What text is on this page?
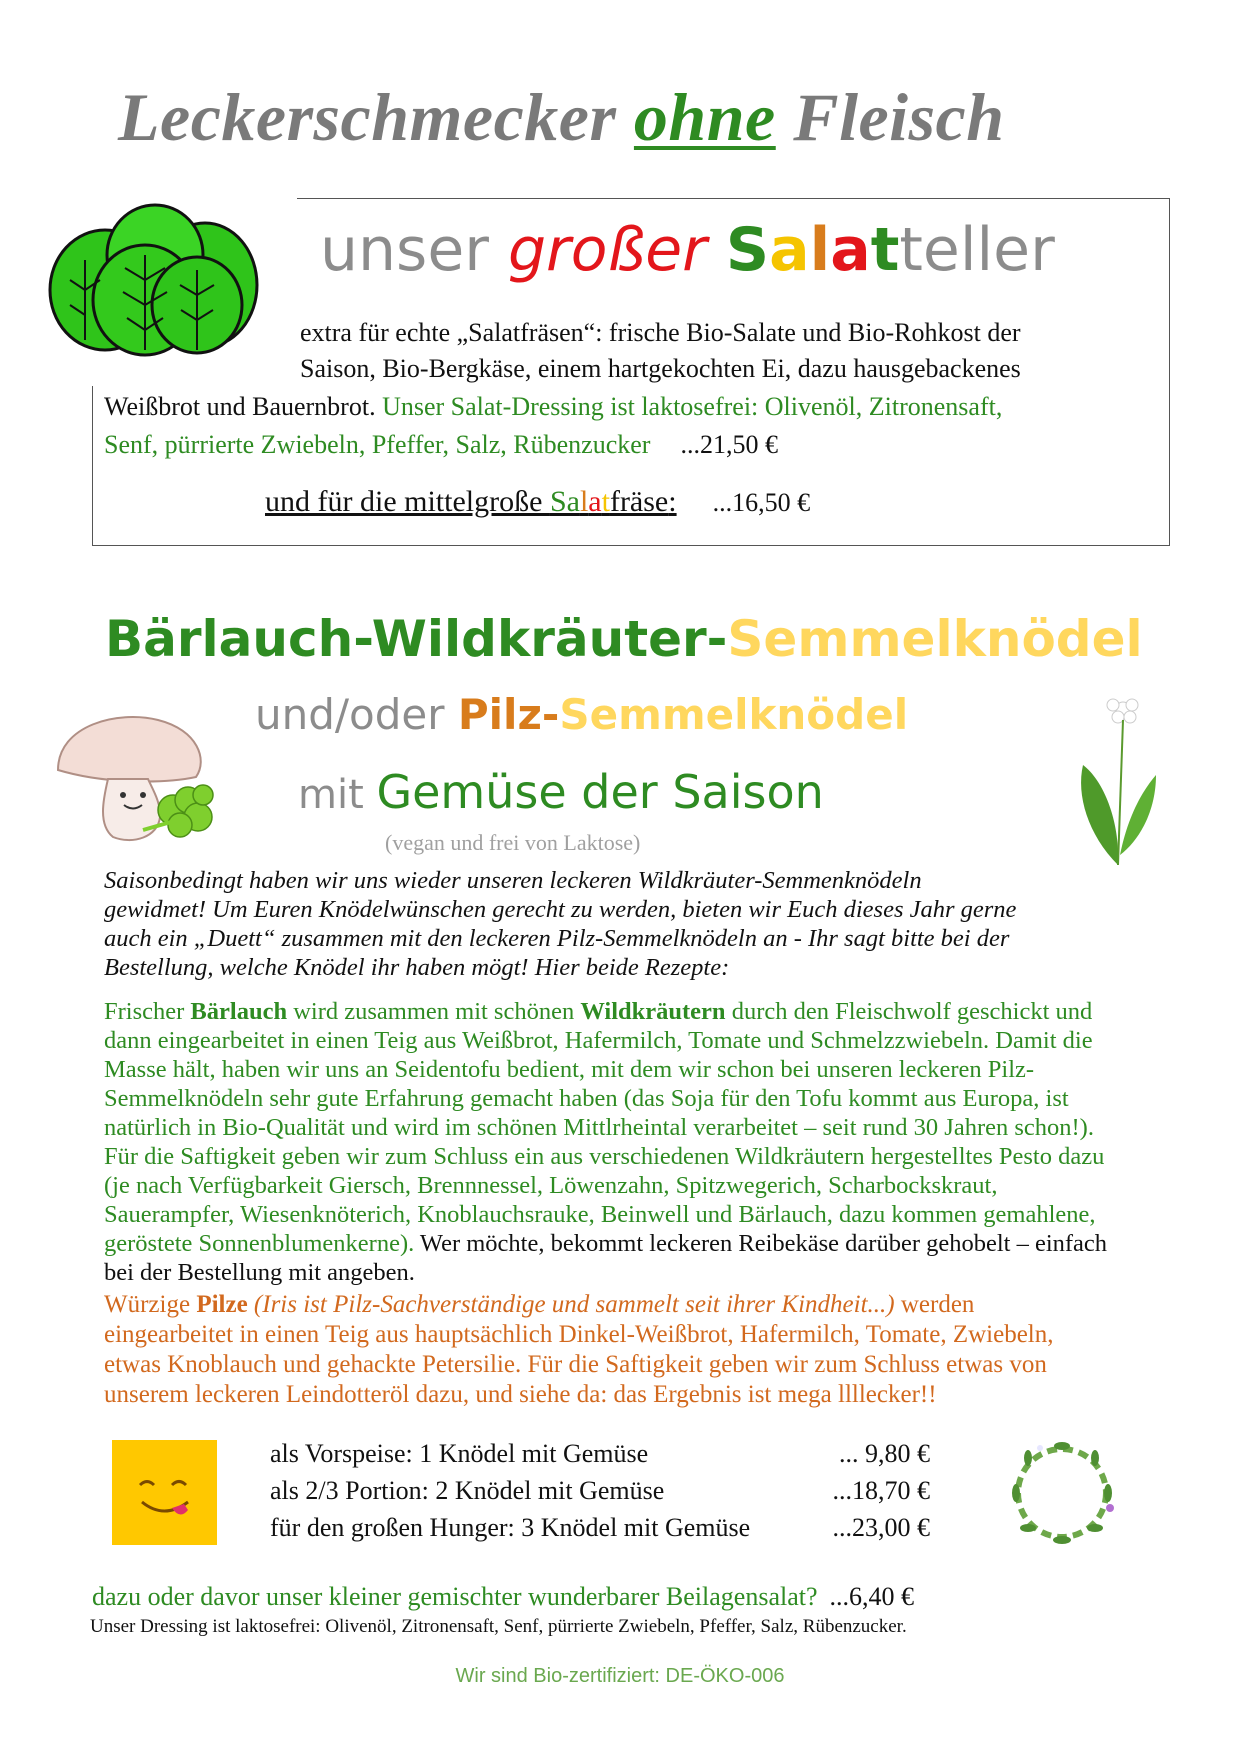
Leckerschmecker ohne Fleisch
unser großer Salatteller
extra für echte „Salatfräsen“: frische Bio-Salate und Bio-Rohkost der
Saison, Bio-Bergkäse, einem hartgekochten Ei, dazu hausgebackenes
Weißbrot und Bauernbrot. Unser Salat-Dressing ist laktosefrei: Olivenöl, Zitronensaft,
Senf, pürrierte Zwiebeln, Pfeffer, Salz, Rübenzucker ...21,50 €
und für die mittelgroße Salatfräse: ...16,50 €
Bärlauch-Wildkräuter-Semmelknödel
und/oder Pilz-Semmelknödel
mit Gemüse der Saison
(vegan und frei von Laktose)
Saisonbedingt haben wir uns wieder unseren leckeren Wildkräuter-Semmenknödeln
gewidmet! Um Euren Knödelwünschen gerecht zu werden, bieten wir Euch dieses Jahr gerne
auch ein „Duett“ zusammen mit den leckeren Pilz-Semmelknödeln an - Ihr sagt bitte bei der
Bestellung, welche Knödel ihr haben mögt! Hier beide Rezepte:
Frischer Bärlauch wird zusammen mit schönen Wildkräutern durch den Fleischwolf geschickt und
dann eingearbeitet in einen Teig aus Weißbrot, Hafermilch, Tomate und Schmelzzwiebeln. Damit die
Masse hält, haben wir uns an Seidentofu bedient, mit dem wir schon bei unseren leckeren Pilz-
Semmelknödeln sehr gute Erfahrung gemacht haben (das Soja für den Tofu kommt aus Europa, ist
natürlich in Bio-Qualität und wird im schönen Mittlrheintal verarbeitet – seit rund 30 Jahren schon!).
Für die Saftigkeit geben wir zum Schluss ein aus verschiedenen Wildkräutern hergestelltes Pesto dazu
(je nach Verfügbarkeit Giersch, Brennnessel, Löwenzahn, Spitzwegerich, Scharbockskraut,
Sauerampfer, Wiesenknöterich, Knoblauchsrauke, Beinwell und Bärlauch, dazu kommen gemahlene,
geröstete Sonnenblumenkerne). Wer möchte, bekommt leckeren Reibekäse darüber gehobelt – einfach
bei der Bestellung mit angeben.
Würzige Pilze (Iris ist Pilz-Sachverständige und sammelt seit ihrer Kindheit...) werden
eingearbeitet in einen Teig aus hauptsächlich Dinkel-Weißbrot, Hafermilch, Tomate, Zwiebeln,
etwas Knoblauch und gehackte Petersilie. Für die Saftigkeit geben wir zum Schluss etwas von
unserem leckeren Leindotteröl dazu, und siehe da: das Ergebnis ist mega llllecker!!
als Vorspeise: 1 Knödel mit Gemüse	... 9,80 €
als 2/3 Portion: 2 Knödel mit Gemüse	...18,70 €
für den großen Hunger: 3 Knödel mit Gemüse	...23,00 €
dazu oder davor unser kleiner gemischter wunderbarer Beilagensalat? ...6,40 €
Unser Dressing ist laktosefrei: Olivenöl, Zitronensaft, Senf, pürrierte Zwiebeln, Pfeffer, Salz, Rübenzucker.
Wir sind Bio-zertifiziert: DE-ÖKO-006
